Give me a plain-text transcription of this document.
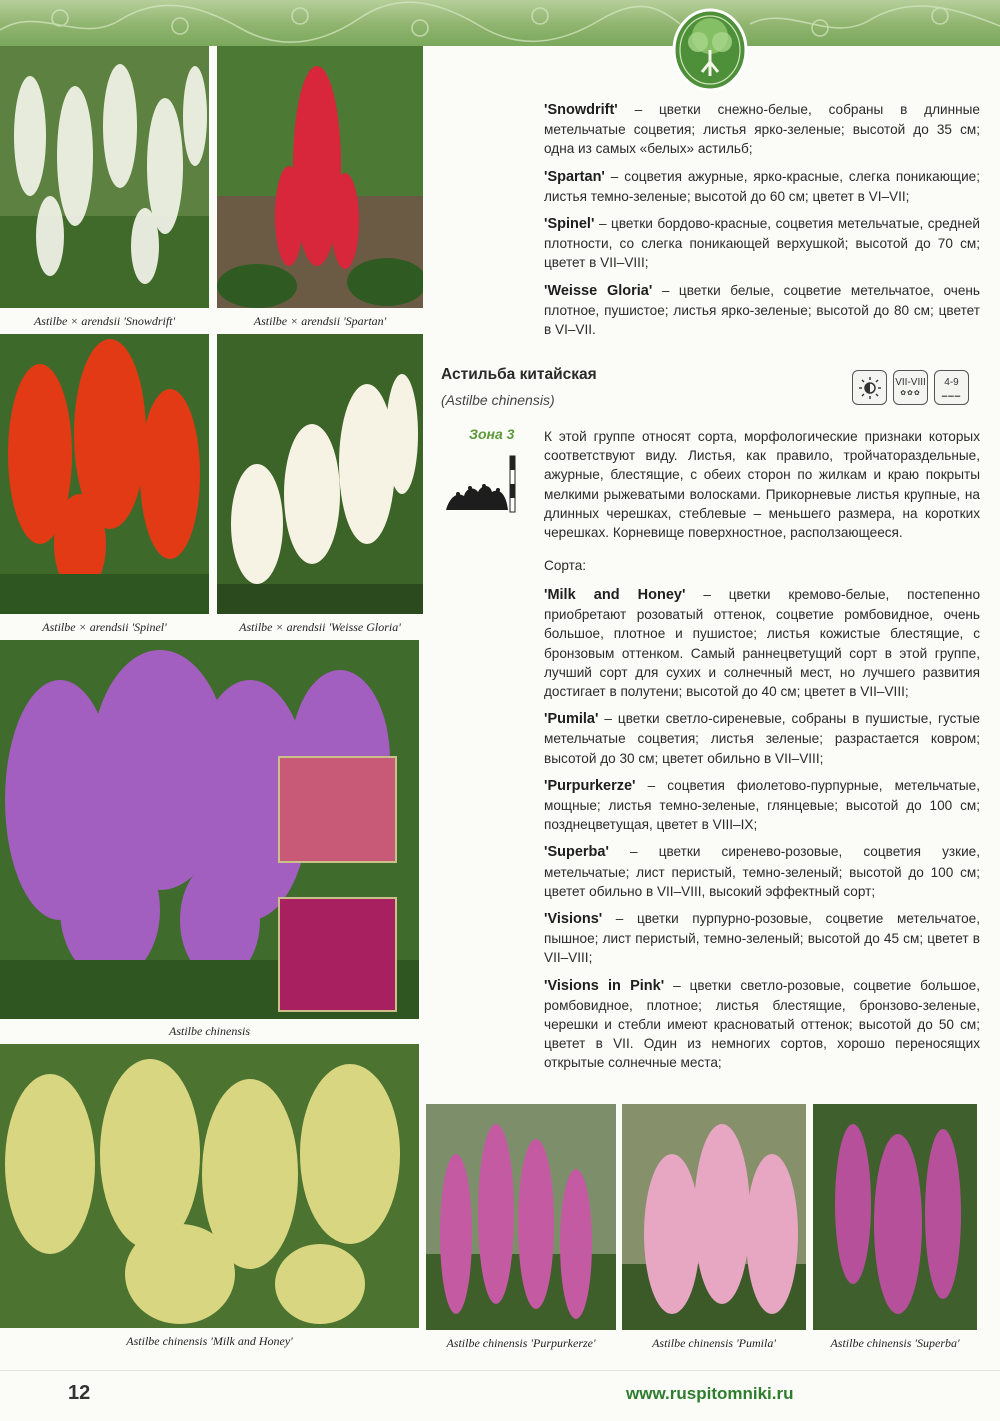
Astilbe × arendsii 'Snowdrift'	Astilbe × arendsii 'Spartan'
Astilbe × arendsii 'Spinel'	Astilbe × arendsii 'Weisse Gloria'
Astilbe chinensis
Astilbe chinensis 'Milk and Honey'	Astilbe chinensis 'Purpurkerze'	Astilbe chinensis 'Pumila'	Astilbe chinensis 'Superba'

'Snowdrift' – цветки снежно-белые, собраны в длинные метельчатые соцветия; листья ярко-зеленые; высотой до 35 см; одна из самых «белых» астильб;

'Spartan' – соцветия ажурные, ярко-красные, слегка поникающие; листья темно-зеленые; высотой до 60 см; цветет в VI–VII;

'Spinel' – цветки бордово-красные, соцветия метельчатые, средней плотности, со слегка поникающей верхушкой; высотой до 70 см; цветет в VII–VIII;

'Weisse Gloria' – цветки белые, соцветие метельчатое, очень плотное, пушистое; листья ярко-зеленые; высотой до 80 см; цветет в VI–VII.

Астильба китайская
(Astilbe chinensis)
VII-VIII
✿✿✿
4-9
▁▁▁
Зона 3 К этой группе относят сорта, морфологические признаки которых соответствуют виду. Листья, как правило, тройчатораздельные, ажурные, блестящие, с обеих сторон по жилкам и краю покрыты мелкими рыжеватыми волосками. Прикорневые листья крупные, на длинных черешках, стеблевые – меньшего размера, на коротких черешках. Корневище поверхностное, расползающееся.
Сорта:

'Milk and Honey' – цветки кремово-белые, постепенно приобретают розоватый оттенок, соцветие ромбовидное, очень большое, плотное и пушистое; листья кожистые блестящие, с бронзовым оттенком. Самый раннецветущий сорт в этой группе, лучший сорт для сухих и солнечный мест, но лучшего развития достигает в полутени; высотой до 40 см; цветет в VII–VIII;

'Pumila' – цветки светло-сиреневые, собраны в пушистые, густые метельчатые соцветия; листья зеленые; разрастается ковром; высотой до 30 см; цветет обильно в VII–VIII;

'Purpurkerze' – соцветия фиолетово-пурпурные, метельчатые, мощные; листья темно-зеленые, глянцевые; высотой до 100 см; позднецветущая, цветет в VIII–IX;

'Superba' – цветки сиренево-розовые, соцветия узкие, метельчатые; лист перистый, темно-зеленый; высотой до 100 см; цветет обильно в VII–VIII, высокий эффектный сорт;

'Visions' – цветки пурпурно-розовые, соцветие метельчатое, пышное; лист перистый, темно-зеленый; высотой до 45 см; цветет в VII–VIII;

'Visions in Pink' – цветки светло-розовые, соцветие большое, ромбовидное, плотное; листья блестящие, бронзово-зеленые, черешки и стебли имеют красноватый оттенок; высотой до 50 см; цветет в VII. Один из немногих сортов, хорошо переносящих открытые солнечные места;

12	www.ruspitomniki.ru
